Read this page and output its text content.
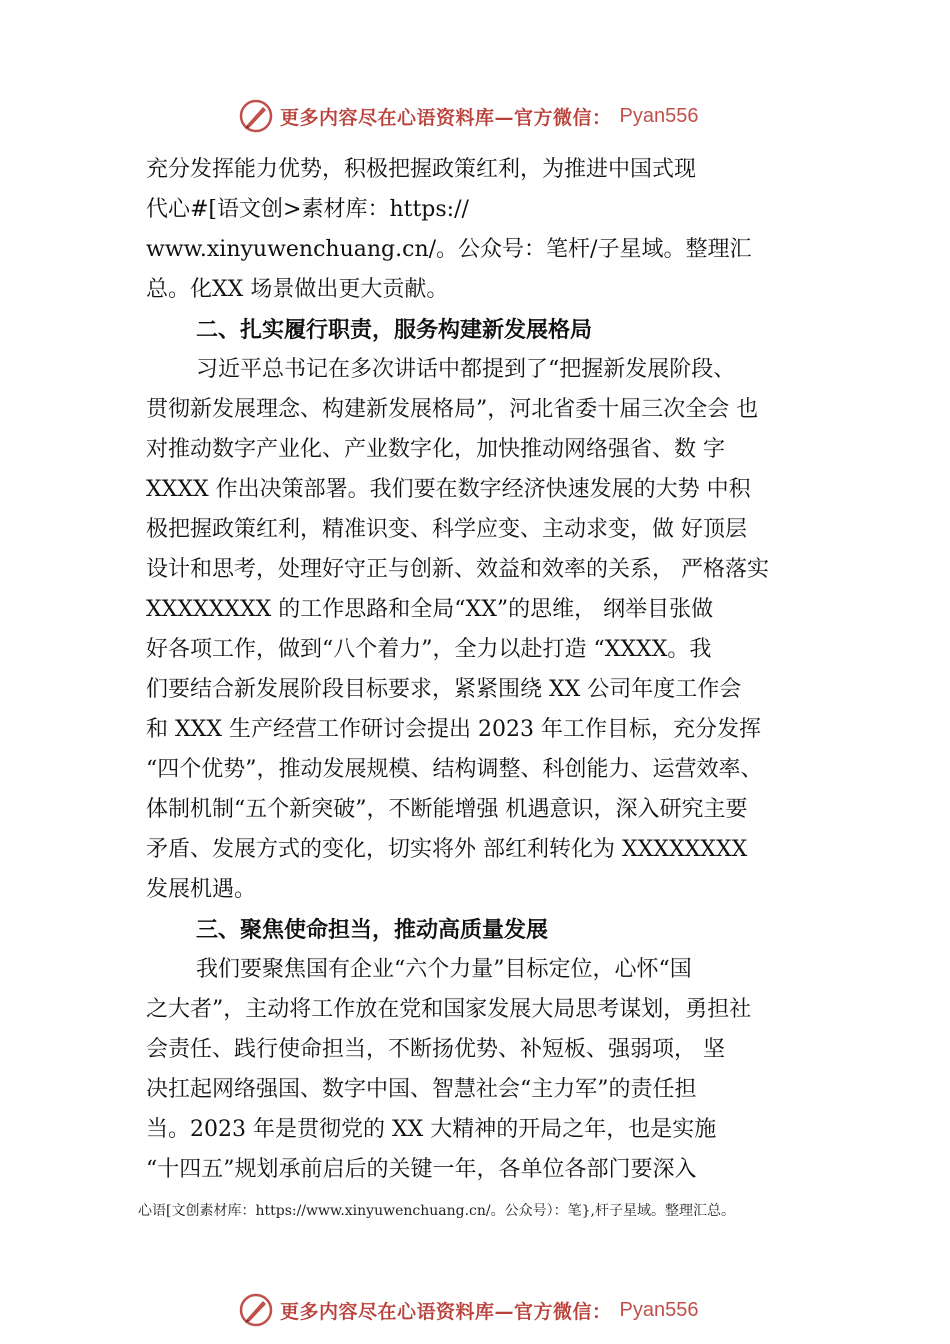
更多内容尽在心语资料库—官方微信： Pyan556
充分发挥能力优势，积极把握政策红利，为推进中国式现
代心#[语文创>素材库：https://
www.xinyuwenchuang.cn/。公众号：笔杆/子星域。整理汇
总。化XX 场景做出更大贡献。
二、扎实履行职责，服务构建新发展格局
习近平总书记在多次讲话中都提到了“把握新发展阶段、
贯彻新发展理念、构建新发展格局”，河北省委十届三次全会 也
对推动数字产业化、产业数字化，加快推动网络强省、数 字
XXXX 作出决策部署。我们要在数字经济快速发展的大势 中积
极把握政策红利，精准识变、科学应变、主动求变，做 好顶层
设计和思考，处理好守正与创新、效益和效率的关系， 严格落实
XXXXXXXX 的工作思路和全局“XX”的思维， 纲举目张做
好各项工作，做到“八个着力”，全力以赴打造 “XXXX。我
们要结合新发展阶段目标要求，紧紧围绕 XX 公司年度工作会
和 XXX 生产经营工作研讨会提出 2023 年工作目标，充分发挥
“四个优势”，推动发展规模、结构调整、科创能力、运营效率、
体制机制“五个新突破”，不断能增强 机遇意识，深入研究主要
矛盾、发展方式的变化，切实将外 部红利转化为 XXXXXXXX
发展机遇。
三、聚焦使命担当，推动高质量发展
我们要聚焦国有企业“六个力量”目标定位，心怀“国
之大者”，主动将工作放在党和国家发展大局思考谋划，勇担社
会责任、践行使命担当，不断扬优势、补短板、强弱项， 坚
决扛起网络强国、数字中国、智慧社会“主力军”的责任担
当。2023 年是贯彻党的 XX 大精神的开局之年，也是实施
“十四五”规划承前启后的关键一年，各单位各部门要深入
心语[文创素材库：https://www.xinyuwenchuang.cn/。公众号）：笔},杆子星域。整理汇总。
更多内容尽在心语资料库—官方微信： Pyan556
